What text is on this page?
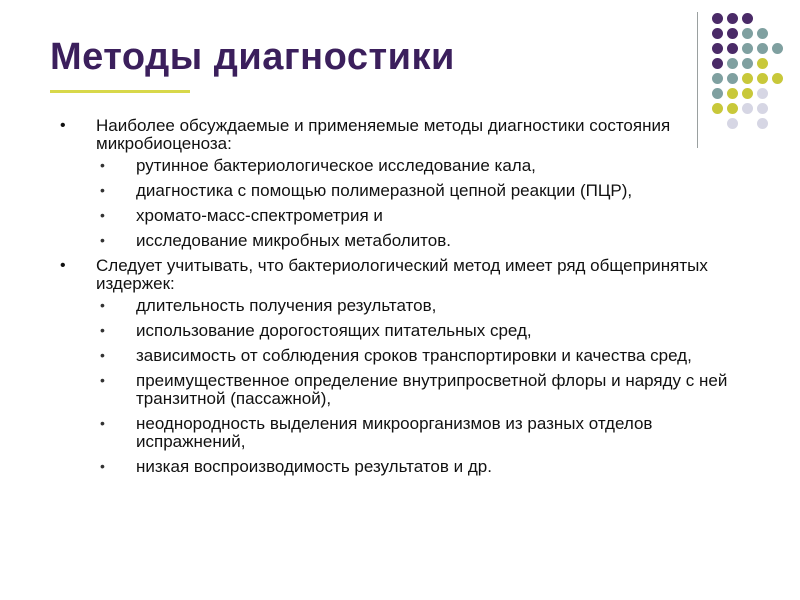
Методы диагностики
• Наиболее обсуждаемые и применяемые методы диагностики состояния микробиоценоза:
• рутинное бактериологическое исследование кала,
• диагностика с помощью полимеразной цепной реакции (ПЦР),
• хромато-масс-спектрометрия и
• исследование микробных метаболитов.
• Следует учитывать, что бактериологический метод имеет ряд общепринятых издержек:
• длительность получения результатов,
• использование дорогостоящих питательных сред,
• зависимость от соблюдения сроков транспортировки и качества сред,
• преимущественное определение внутрипросветной флоры и наряду с ней транзитной (пассажной),
• неоднородность выделения микроорганизмов из разных отделов испражнений,
• низкая воспроизводимость результатов и др.
